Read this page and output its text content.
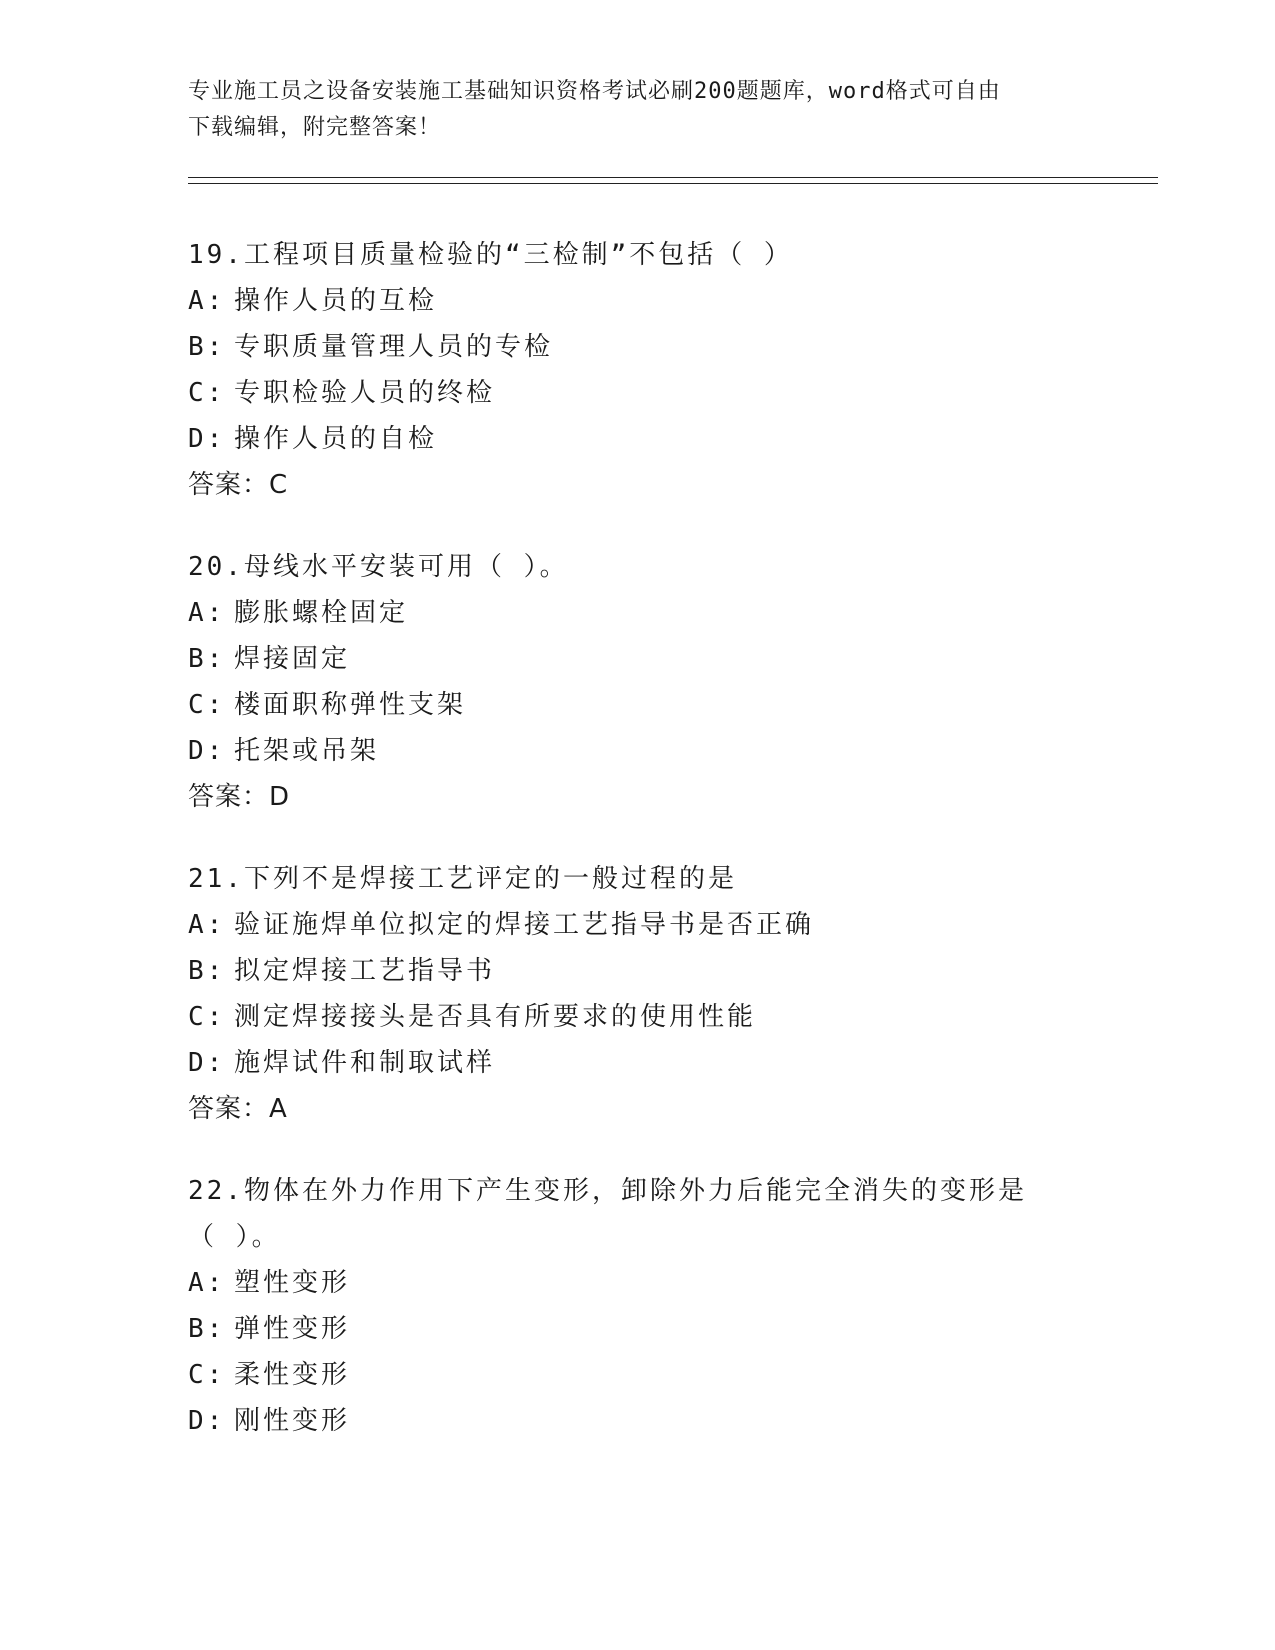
专业施工员之设备安装施工基础知识资格考试必刷200题题库，word格式可自由
下载编辑，附完整答案！

19.工程项目质量检验的“三检制”不包括（ ）

A: 操作人员的互检

B: 专职质量管理人员的专检

C: 专职检验人员的终检

D: 操作人员的自检

答案：C

20.母线水平安装可用（ ）。

A: 膨胀螺栓固定

B: 焊接固定

C: 楼面职称弹性支架

D: 托架或吊架

答案：D

21.下列不是焊接工艺评定的一般过程的是

A: 验证施焊单位拟定的焊接工艺指导书是否正确

B: 拟定焊接工艺指导书

C: 测定焊接接头是否具有所要求的使用性能

D: 施焊试件和制取试样

答案：A

22.物体在外力作用下产生变形，卸除外力后能完全消失的变形是（ ）。

A: 塑性变形

B: 弹性变形

C: 柔性变形

D: 刚性变形
